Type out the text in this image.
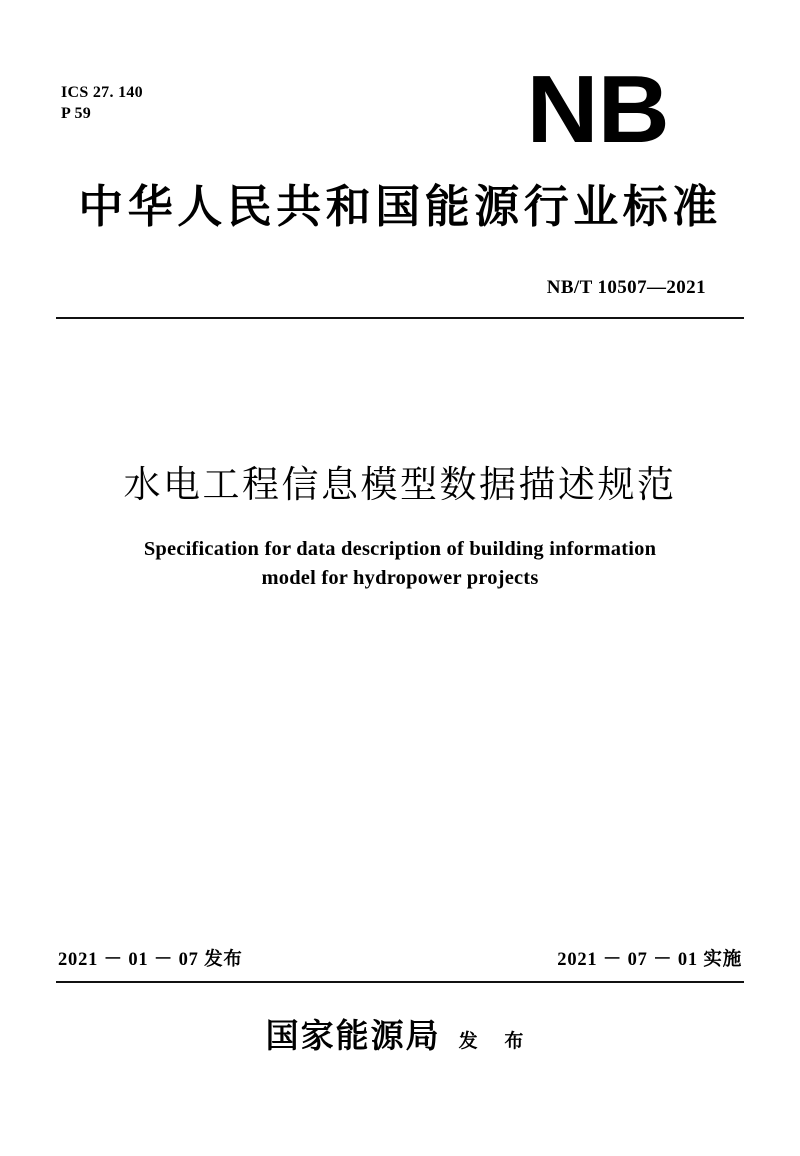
ICS 27. 140
P 59	NB
中华人民共和国能源行业标准
NB/T 10507—2021
水电工程信息模型数据描述规范
Specification for data description of building information
model for hydropower projects
2021 － 01 － 07 发布	2021 － 07 － 01 实施
国家能源局 发 布
